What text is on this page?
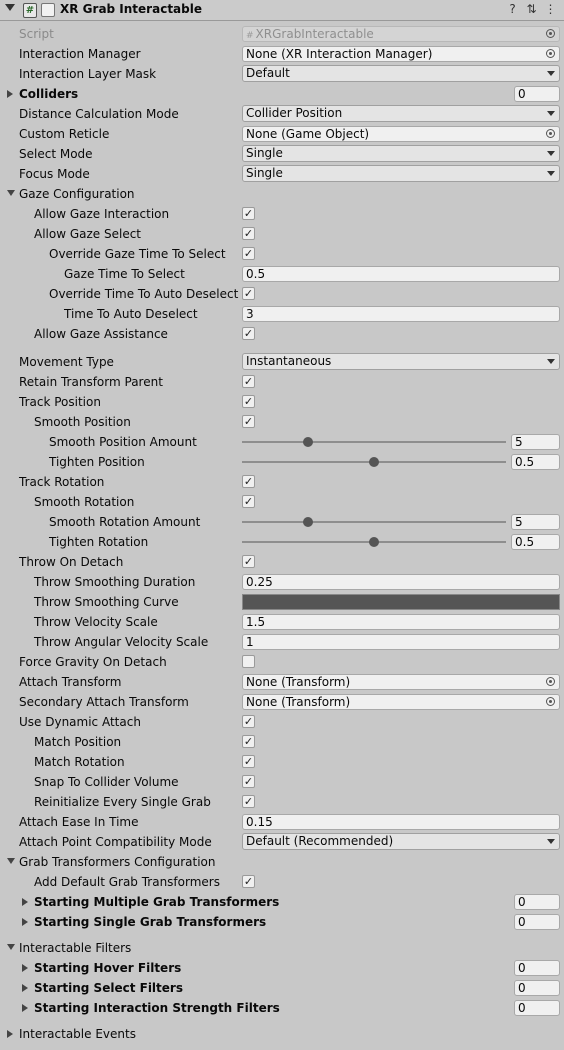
# XR Grab Interactable	? ⇅ ⋮
Script	# XRGrabInteractable
Interaction Manager	None (XR Interaction Manager)
Interaction Layer Mask	Default
Colliders	0
Distance Calculation Mode	Collider Position
Custom Reticle	None (Game Object)
Select Mode	Single
Focus Mode	Single
Gaze Configuration
Allow Gaze Interaction	✓
Allow Gaze Select	✓
Override Gaze Time To Select ✓
Gaze Time To Select	0.5
Override Time To Auto Deselect ✓
Time To Auto Deselect	3
Allow Gaze Assistance	✓
Movement Type	Instantaneous
Retain Transform Parent	✓
Track Position	✓
Smooth Position	✓
Smooth Position Amount	5
Tighten Position	0.5
Track Rotation	✓
Smooth Rotation	✓
Smooth Rotation Amount	5
Tighten Rotation	0.5
Throw On Detach	✓
Throw Smoothing Duration	0.25
Throw Smoothing Curve
Throw Velocity Scale	1.5
Throw Angular Velocity Scale	1
Force Gravity On Detach
Attach Transform	None (Transform)
Secondary Attach Transform	None (Transform)
Use Dynamic Attach	✓
Match Position	✓
Match Rotation	✓
Snap To Collider Volume	✓
Reinitialize Every Single Grab	✓
Attach Ease In Time	0.15
Attach Point Compatibility Mode	Default (Recommended)
Grab Transformers Configuration
Add Default Grab Transformers ✓
Starting Multiple Grab Transformers	0
Starting Single Grab Transformers	0
Interactable Filters
Starting Hover Filters	0
Starting Select Filters	0
Starting Interaction Strength Filters	0
Interactable Events
